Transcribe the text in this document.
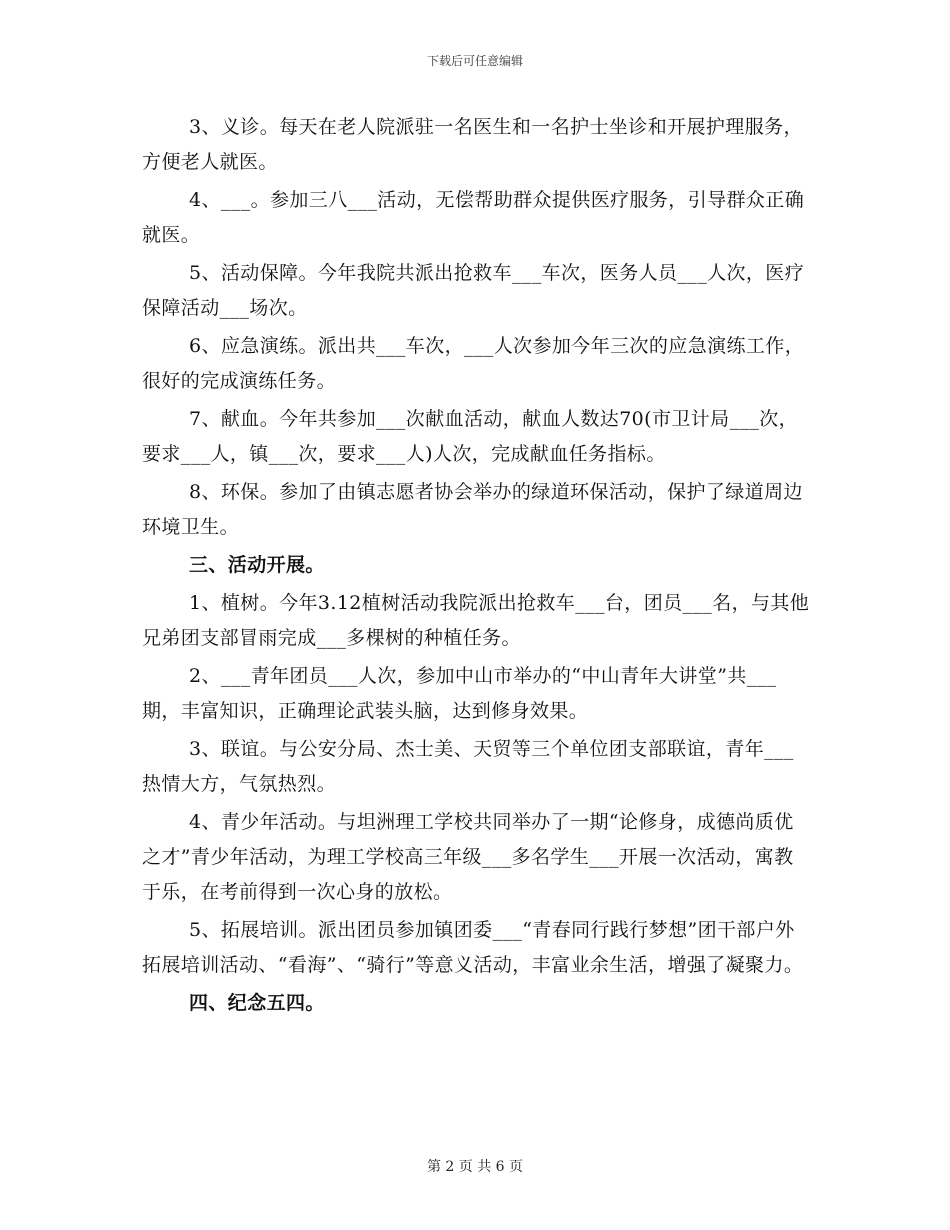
下载后可任意编辑

3、义诊。每天在老人院派驻一名医生和一名护士坐诊和开展护理服务，方便老人就医。

4、___。参加三八___活动，无偿帮助群众提供医疗服务，引导群众正确就医。

5、活动保障。今年我院共派出抢救车___车次，医务人员___人次，医疗保障活动___场次。

6、应急演练。派出共___车次，___人次参加今年三次的应急演练工作，很好的完成演练任务。

7、献血。今年共参加___次献血活动，献血人数达70(市卫计局___次，要求___人，镇___次，要求___人)人次，完成献血任务指标。

8、环保。参加了由镇志愿者协会举办的绿道环保活动，保护了绿道周边环境卫生。

三、活动开展。

1、植树。今年3.12植树活动我院派出抢救车___台，团员___名，与其他兄弟团支部冒雨完成___多棵树的种植任务。

2、___青年团员___人次，参加中山市举办的“中山青年大讲堂”共___期，丰富知识，正确理论武装头脑，达到修身效果。

3、联谊。与公安分局、杰士美、天贸等三个单位团支部联谊，青年___热情大方，气氛热烈。

4、青少年活动。与坦洲理工学校共同举办了一期“论修身，成德尚质优之才”青少年活动，为理工学校高三年级___多名学生___开展一次活动，寓教于乐，在考前得到一次心身的放松。

5、拓展培训。派出团员参加镇团委___“青春同行践行梦想”团干部户外拓展培训活动、“看海”、“骑行”等意义活动，丰富业余生活，增强了凝聚力。

四、纪念五四。

第 2 页 共 6 页
